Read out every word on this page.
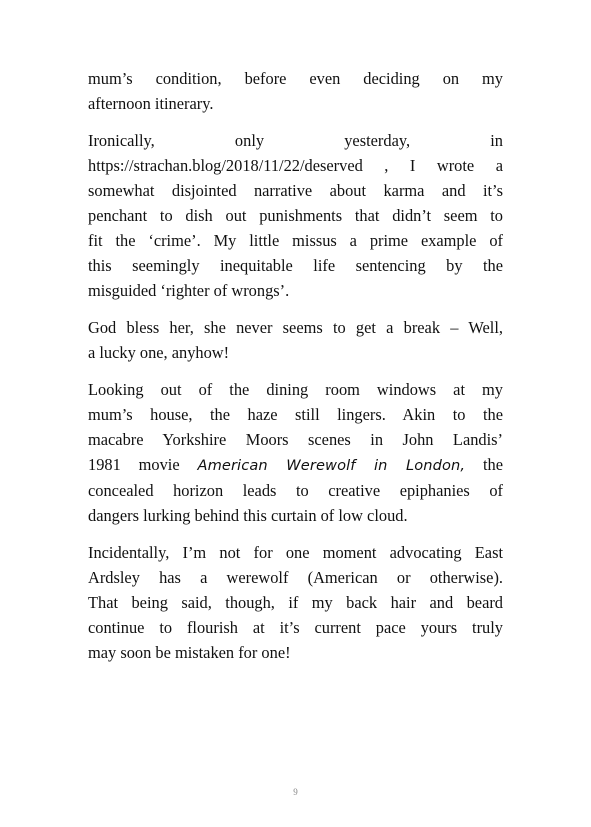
mum’s condition, before even deciding on my
afternoon itinerary.

Ironically, only yesterday, in
https://strachan.blog/2018/11/22/deserved , I wrote a
somewhat disjointed narrative about karma and it’s
penchant to dish out punishments that didn’t seem to
fit the ‘crime’. My little missus a prime example of
this seemingly inequitable life sentencing by the
misguided ‘righter of wrongs’.

God bless her, she never seems to get a break – Well,
a lucky one, anyhow!

Looking out of the dining room windows at my
mum’s house, the haze still lingers. Akin to the
macabre Yorkshire Moors scenes in John Landis’
1981 movie American Werewolf in London, the
concealed horizon leads to creative epiphanies of
dangers lurking behind this curtain of low cloud.

Incidentally, I’m not for one moment advocating East
Ardsley has a werewolf (American or otherwise).
That being said, though, if my back hair and beard
continue to flourish at it’s current pace yours truly
may soon be mistaken for one!

9
